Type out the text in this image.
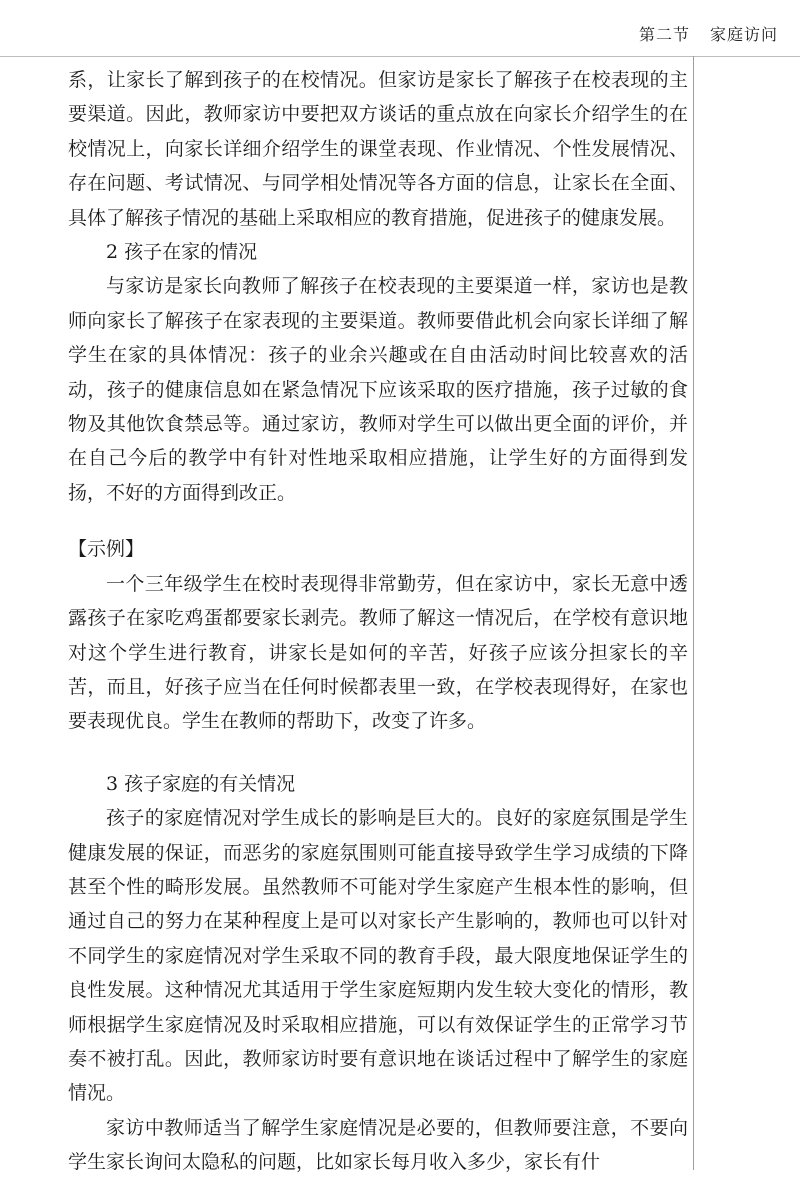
第二节 家庭访问

系，让家长了解到孩子的在校情况。但家访是家长了解孩子在校表现的主要渠道。因此，教师家访中要把双方谈话的重点放在向家长介绍学生的在校情况上，向家长详细介绍学生的课堂表现、作业情况、个性发展情况、存在问题、考试情况、与同学相处情况等各方面的信息，让家长在全面、具体了解孩子情况的基础上采取相应的教育措施，促进孩子的健康发展。

2 孩子在家的情况

与家访是家长向教师了解孩子在校表现的主要渠道一样，家访也是教师向家长了解孩子在家表现的主要渠道。教师要借此机会向家长详细了解学生在家的具体情况：孩子的业余兴趣或在自由活动时间比较喜欢的活动，孩子的健康信息如在紧急情况下应该采取的医疗措施，孩子过敏的食物及其他饮食禁忌等。通过家访，教师对学生可以做出更全面的评价，并在自己今后的教学中有针对性地采取相应措施，让学生好的方面得到发扬，不好的方面得到改正。

【示例】

一个三年级学生在校时表现得非常勤劳，但在家访中，家长无意中透露孩子在家吃鸡蛋都要家长剥壳。教师了解这一情况后，在学校有意识地对这个学生进行教育，讲家长是如何的辛苦，好孩子应该分担家长的辛苦，而且，好孩子应当在任何时候都表里一致，在学校表现得好，在家也要表现优良。学生在教师的帮助下，改变了许多。

3 孩子家庭的有关情况

孩子的家庭情况对学生成长的影响是巨大的。良好的家庭氛围是学生健康发展的保证，而恶劣的家庭氛围则可能直接导致学生学习成绩的下降甚至个性的畸形发展。虽然教师不可能对学生家庭产生根本性的影响，但通过自己的努力在某种程度上是可以对家长产生影响的，教师也可以针对不同学生的家庭情况对学生采取不同的教育手段，最大限度地保证学生的良性发展。这种情况尤其适用于学生家庭短期内发生较大变化的情形，教师根据学生家庭情况及时采取相应措施，可以有效保证学生的正常学习节奏不被打乱。因此，教师家访时要有意识地在谈话过程中了解学生的家庭情况。

家访中教师适当了解学生家庭情况是必要的，但教师要注意，不要向学生家长询问太隐私的问题，比如家长每月收入多少，家长有什
